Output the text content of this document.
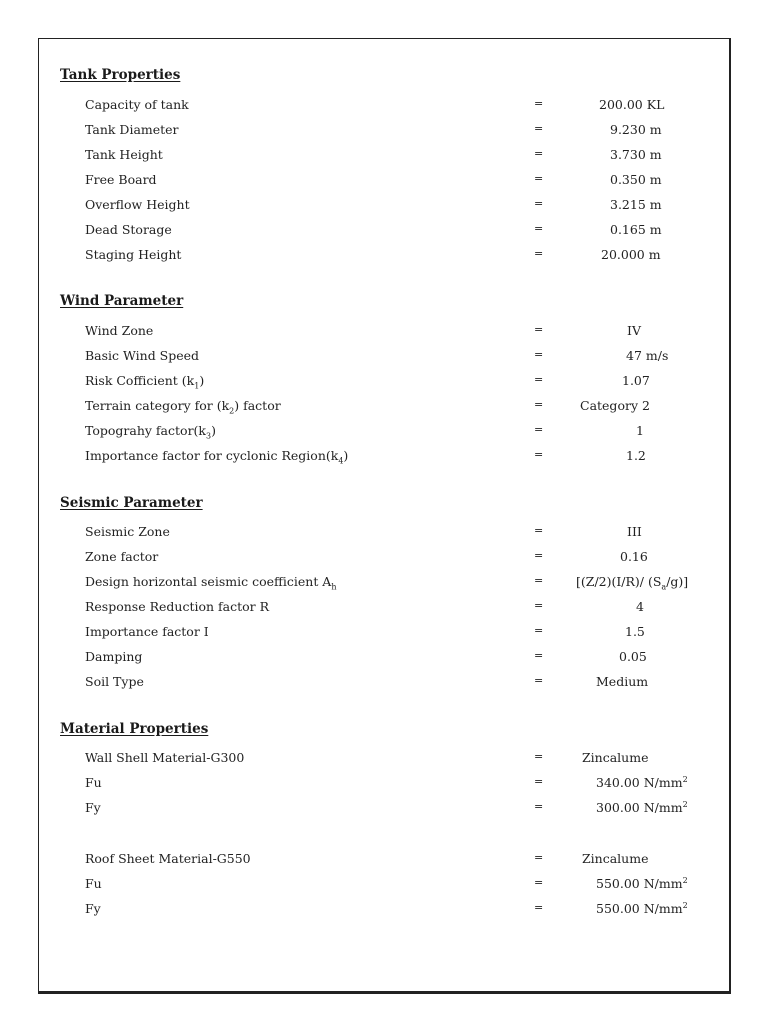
Tank Properties
Capacity of tank	=	200.00 KL
Tank Diameter	=	9.230 m
Tank Height	=	3.730 m
Free Board	=	0.350 m
Overflow Height	=	3.215 m
Dead Storage	=	0.165 m
Staging Height	=	20.000 m
Wind Parameter
Wind Zone	=	IV
Basic Wind Speed	=	47 m/s
Risk Cofficient $(k_1)$	=	1.07
Terrain category for $(k_2)$ factor	=	Category 2
Topograhy $factor(k_3)$	=	1
Importance factor for cyclonic $Region(k_4)$	=	1.2
Seismic Parameter
Seismic Zone	=	III
Zone factor	=	0.16
Design horizontal seismic coefficient $A_h$	=	[(Z/2)(I/R)/ $(S_a/g)$]
Response Reduction factor R	=	4
Importance factor I	=	1.5
Damping	=	0.05
Soil Type	=	Medium
Material Properties
Wall Shell Material-G300	=	Zincalume
Fu	=	340.00 $N/mm^2$
Fy	=	300.00 $N/mm^2$
Roof Sheet Material-G550	=	Zincalume
Fu	=	550.00 $N/mm^2$
Fy	=	550.00 $N/mm^2$
